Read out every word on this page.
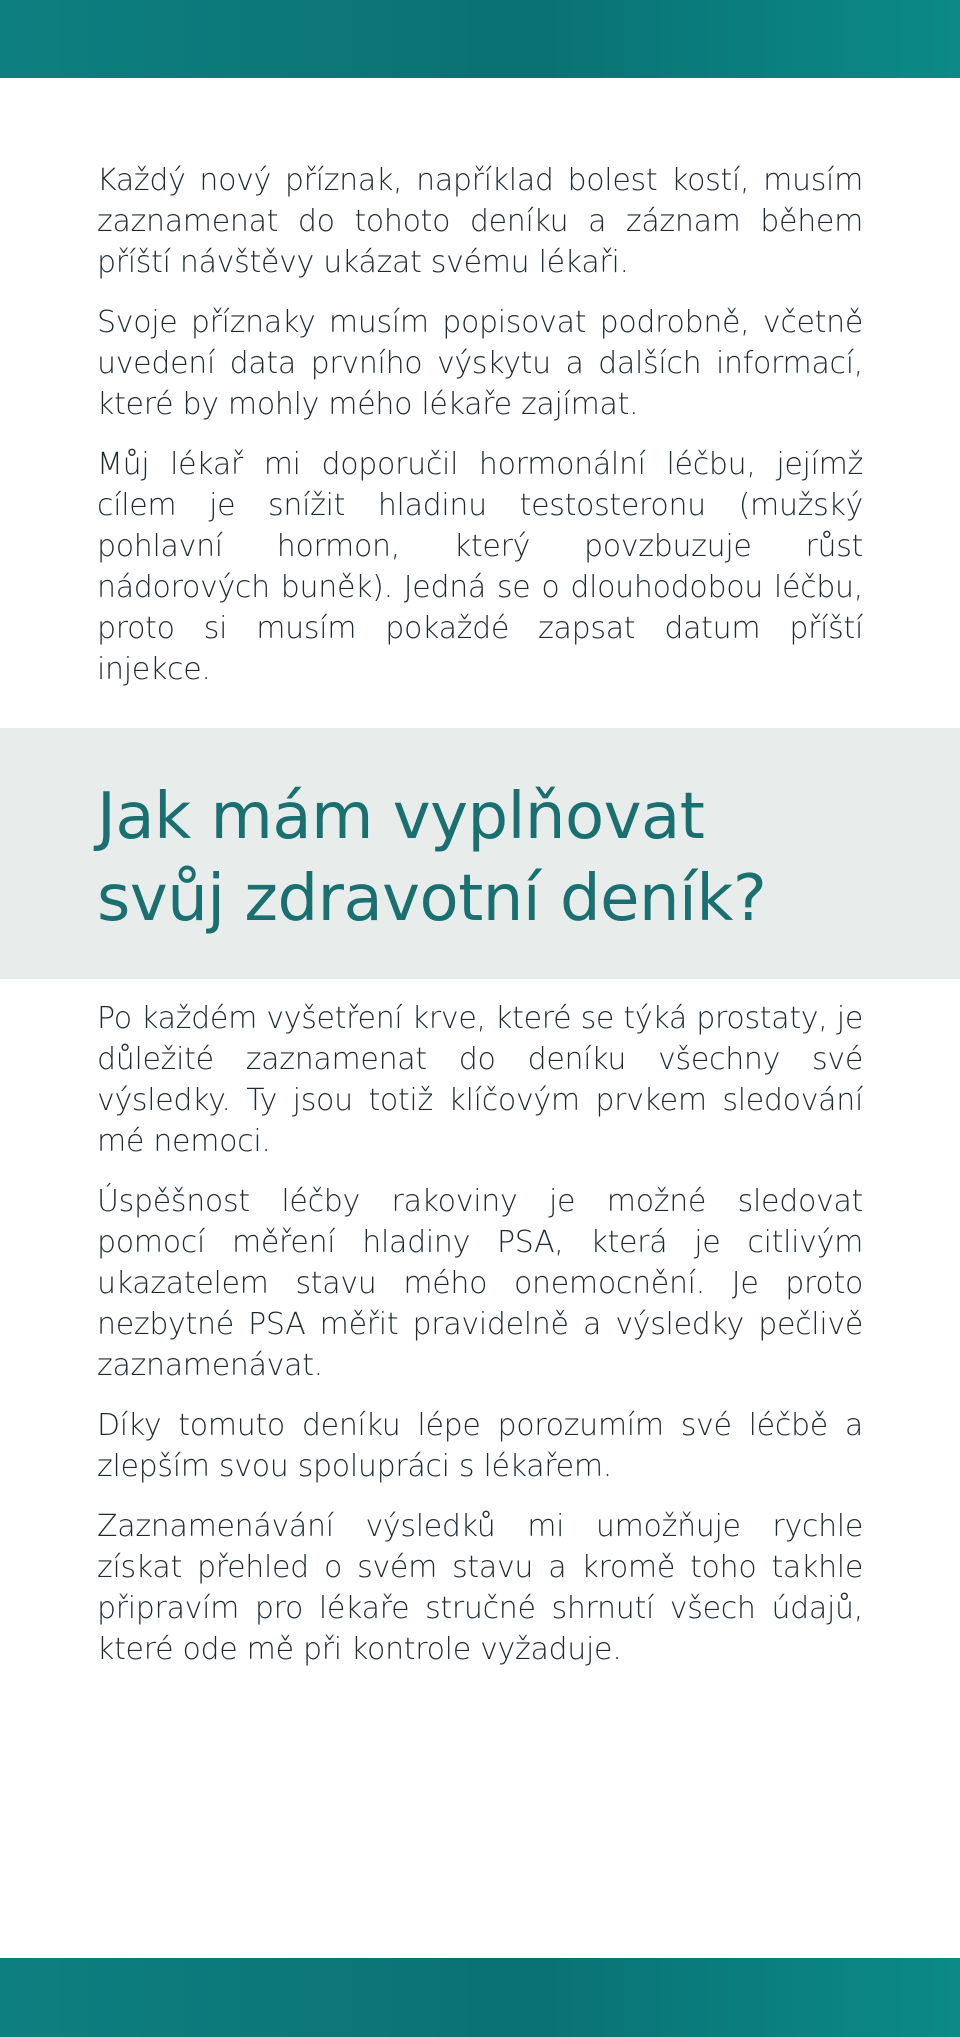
Každý nový příznak, například bolest kostí, musím zaznamenat do tohoto deníku a záznam během příští návštěvy ukázat svému lékaři.

Svoje příznaky musím popisovat podrobně, včetně uvedení data prvního výskytu a dalších informací, které by mohly mého lékaře zajímat.

Můj lékař mi doporučil hormonální léčbu, jejímž cílem je snížit hladinu testosteronu (mužský pohlavní hormon, který povzbuzuje růst nádorových buněk). Jedná se o dlouhodobou léčbu, proto si musím pokaždé zapsat datum příští injekce.

Jak mám vyplňovat
svůj zdravotní deník?

Po každém vyšetření krve, které se týká prostaty, je důležité zaznamenat do deníku všechny své výsledky. Ty jsou totiž klíčovým prvkem sledování mé nemoci.

Úspěšnost léčby rakoviny je možné sledovat pomocí měření hladiny PSA, která je citlivým ukazatelem stavu mého onemocnění. Je proto nezbytné PSA měřit pravidelně a výsledky pečlivě zaznamenávat.

Díky tomuto deníku lépe porozumím své léčbě a zlepším svou spolupráci s lékařem.

Zaznamenávání výsledků mi umožňuje rychle získat přehled o svém stavu a kromě toho takhle připravím pro lékaře stručné shrnutí všech údajů, které ode mě při kontrole vyžaduje.
